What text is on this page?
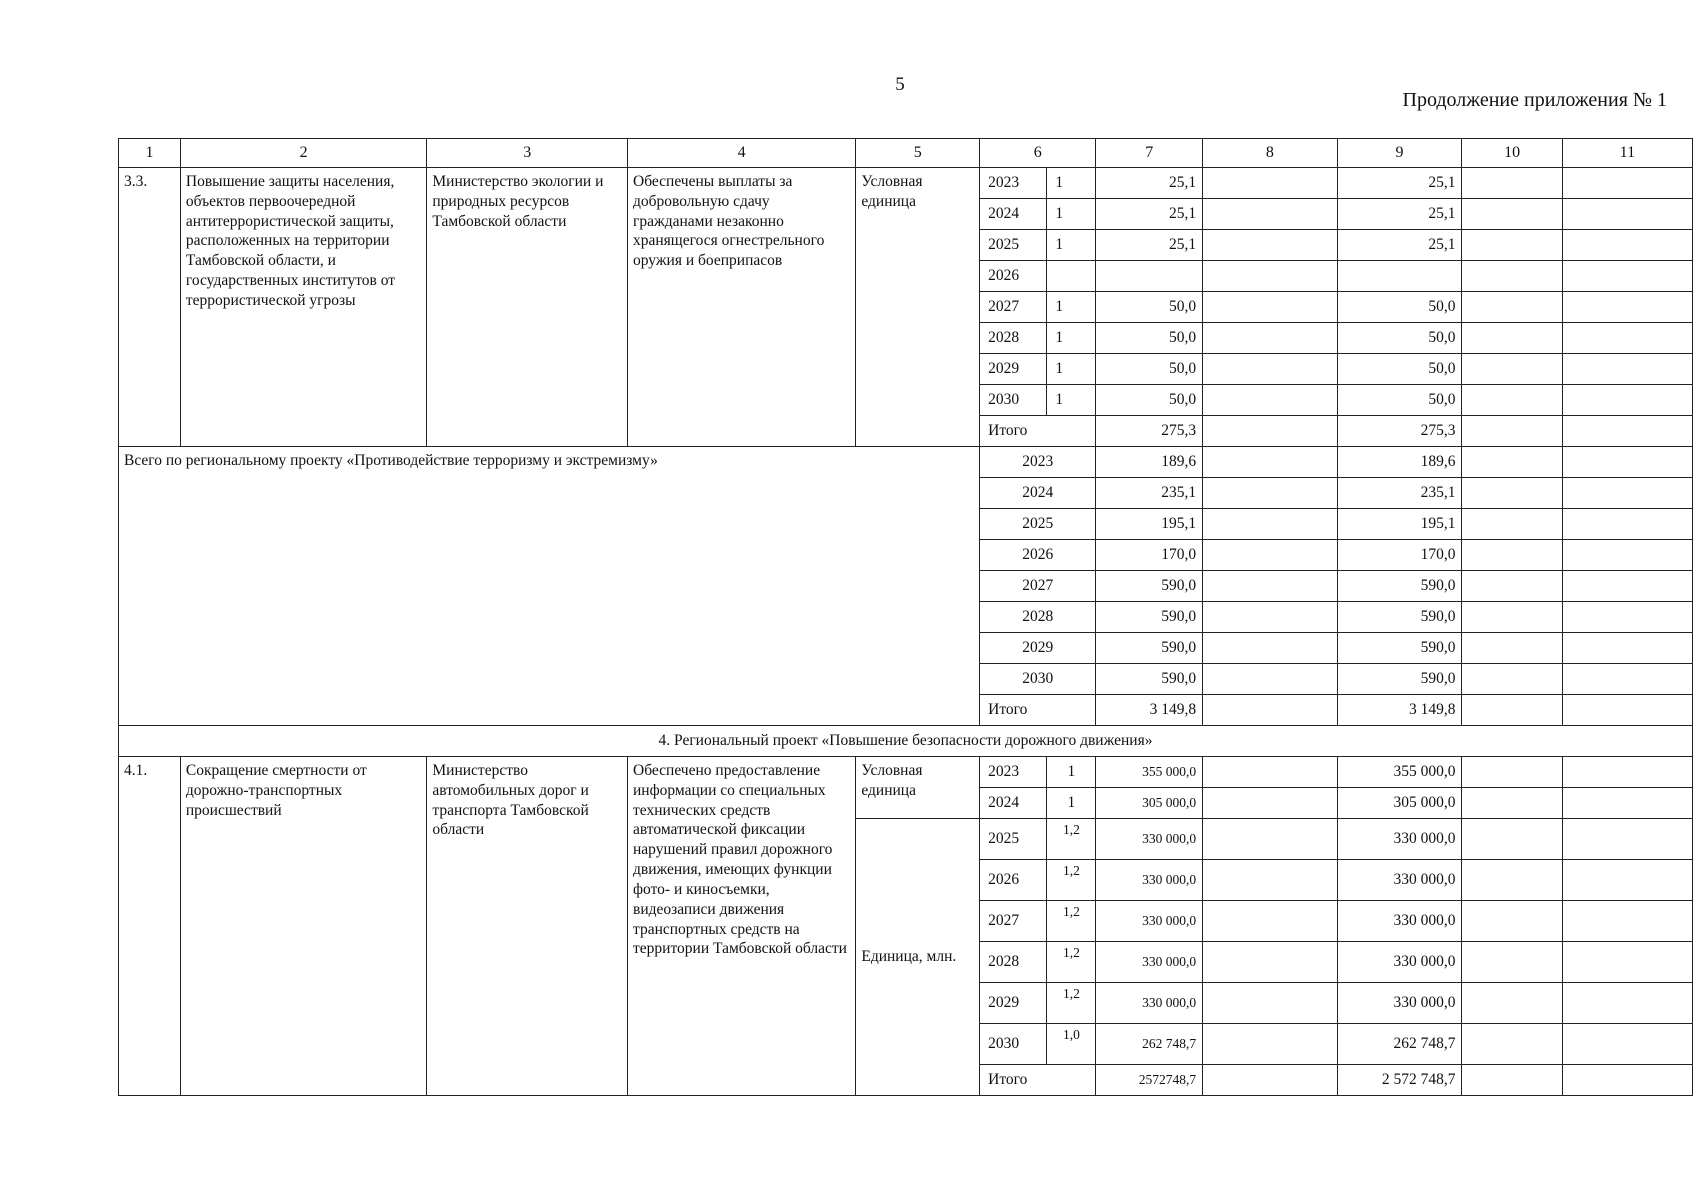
5
Продолжение приложения № 1
1	2	3	4	5	6		7	8	9	10	11
3.3.	Повышение защиты населения, объектов первоочередной антитеррористической защиты, расположенных на территории Тамбовской области, и государственных институтов от террористической угрозы	Министерство экологии и природных ресурсов Тамбовской области	Обеспечены выплаты за добровольную сдачу гражданами незаконно хранящегося огнестрельного оружия и боеприпасов	Условная единица	2023	1	25,1		25,1		
					2024	1	25,1		25,1		
					2025	1	25,1		25,1		
					2026						
					2027	1	50,0		50,0		
					2028	1	50,0		50,0		
					2029	1	50,0		50,0		
					2030	1	50,0		50,0		
					Итого		275,3		275,3		
Всего по региональному проекту «Противодействие терроризму и экстремизму»					2023		189,6		189,6		
					2024		235,1		235,1		
					2025		195,1		195,1		
					2026		170,0		170,0		
					2027		590,0		590,0		
					2028		590,0		590,0		
					2029		590,0		590,0		
					2030		590,0		590,0		
					Итого		3 149,8		3 149,8		
4. Региональный проект «Повышение безопасности дорожного движения»											
4.1.	Сокращение смертности от дорожно-транспортных происшествий	Министерство автомобильных дорог и транспорта Тамбовской области	Обеспечено предоставление информации со специальных технических средств автоматической фиксации нарушений правил дорожного движения, имеющих функции фото- и киносъемки, видеозаписи движения транспортных средств на территории Тамбовской области	Условная единица	2023	1	355 000,0		355 000,0		
					2024	1	305 000,0		305 000,0		
				Единица, млн.	2025	1,2	330 000,0		330 000,0		
					2026	1,2	330 000,0		330 000,0		
					2027	1,2	330 000,0		330 000,0		
					2028	1,2	330 000,0		330 000,0		
					2029	1,2	330 000,0		330 000,0		
					2030	1,0	262 748,7		262 748,7		
					Итого		2572748,7		2 572 748,7		
